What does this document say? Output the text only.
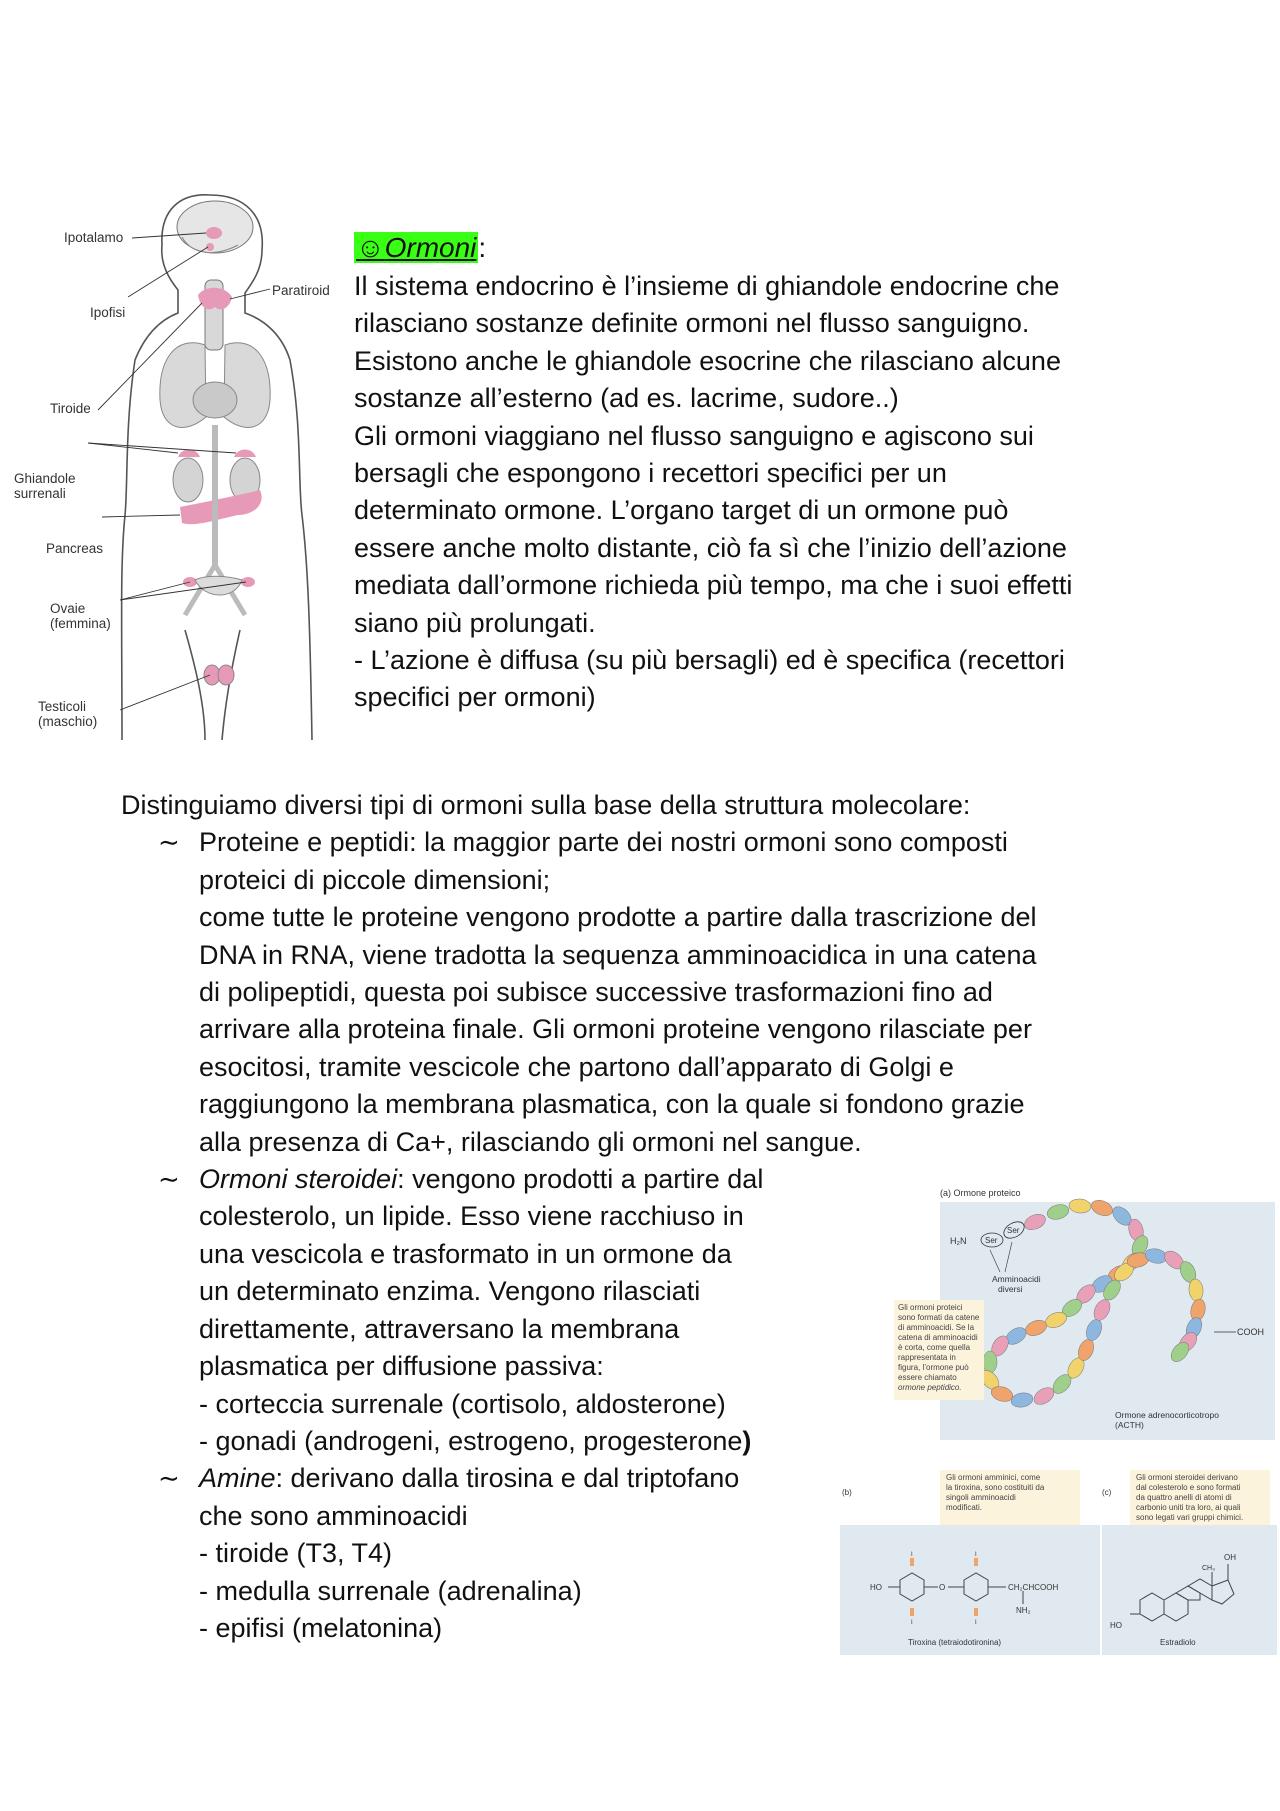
Ipotalamo
Ipofisi
Paratiroid
Tiroide
Ghiandole
surrenali
Pancreas
Ovaie
(femmina)
Testicoli
(maschio)
☺Ormoni:

Il sistema endocrino è l’insieme di ghiandole endocrine che

rilasciano sostanze definite ormoni nel flusso sanguigno.

Esistono anche le ghiandole esocrine che rilasciano alcune

sostanze all’esterno (ad es. lacrime, sudore..)

Gli ormoni viaggiano nel flusso sanguigno e agiscono sui

bersagli che espongono i recettori specifici per un

determinato ormone. L’organo target di un ormone può

essere anche molto distante, ciò fa sì che l’inizio dell’azione

mediata dall’ormone richieda più tempo, ma che i suoi effetti

siano più prolungati.

- L’azione è diffusa (su più bersagli) ed è specifica (recettori

specifici per ormoni)

Distinguiamo diversi tipi di ormoni sulla base della struttura molecolare:

∼ Proteine e peptidi: la maggior parte dei nostri ormoni sono composti

proteici di piccole dimensioni;

come tutte le proteine vengono prodotte a partire dalla trascrizione del

DNA in RNA, viene tradotta la sequenza amminoacidica in una catena

di polipeptidi, questa poi subisce successive trasformazioni fino ad

arrivare alla proteina finale. Gli ormoni proteine vengono rilasciate per

esocitosi, tramite vescicole che partono dall’apparato di Golgi e

raggiungono la membrana plasmatica, con la quale si fondono grazie

alla presenza di Ca+, rilasciando gli ormoni nel sangue.

∼ Ormoni steroidei: vengono prodotti a partire dal

colesterolo, un lipide. Esso viene racchiuso in

una vescicola e trasformato in un ormone da

un determinato enzima. Vengono rilasciati

direttamente, attraversano la membrana

plasmatica per diffusione passiva:

- corteccia surrenale (cortisolo, aldosterone)

- gonadi (androgeni, estrogeno, progesterone)

∼ Amine: derivano dalla tirosina e dal triptofano

che sono amminoacidi

- tiroide (T3, T4)

- medulla surrenale (adrenalina)

- epifisi (melatonina)

(a) Ormone proteico
H₂N Ser
Ser
COOH
Amminoacidi
diversi
Gli ormoni proteici
sono formati da catene
di amminoacidi. Se la
catena di amminoacidi
è corta, come quella
rappresentata in
figura, l’ormone può
essere chiamato
ormone peptidico.
Ormone adrenocorticotropo
(ACTH)
Gli ormoni amminici, come
la tiroxina, sono costituiti da
singoli amminoacidi
modificati.
Gli ormoni steroidei derivano
dal colesterolo e sono formati
da quattro anelli di atomi di
carbonio uniti tra loro, ai quali
sono legati vari gruppi chimici.
(b)	(c)
I
I
I
I
HO	O	CH₂CHCOOH
NH₂
Tiroxina (tetraiodotironina)
OH
CH₃
HO
Estradiolo
